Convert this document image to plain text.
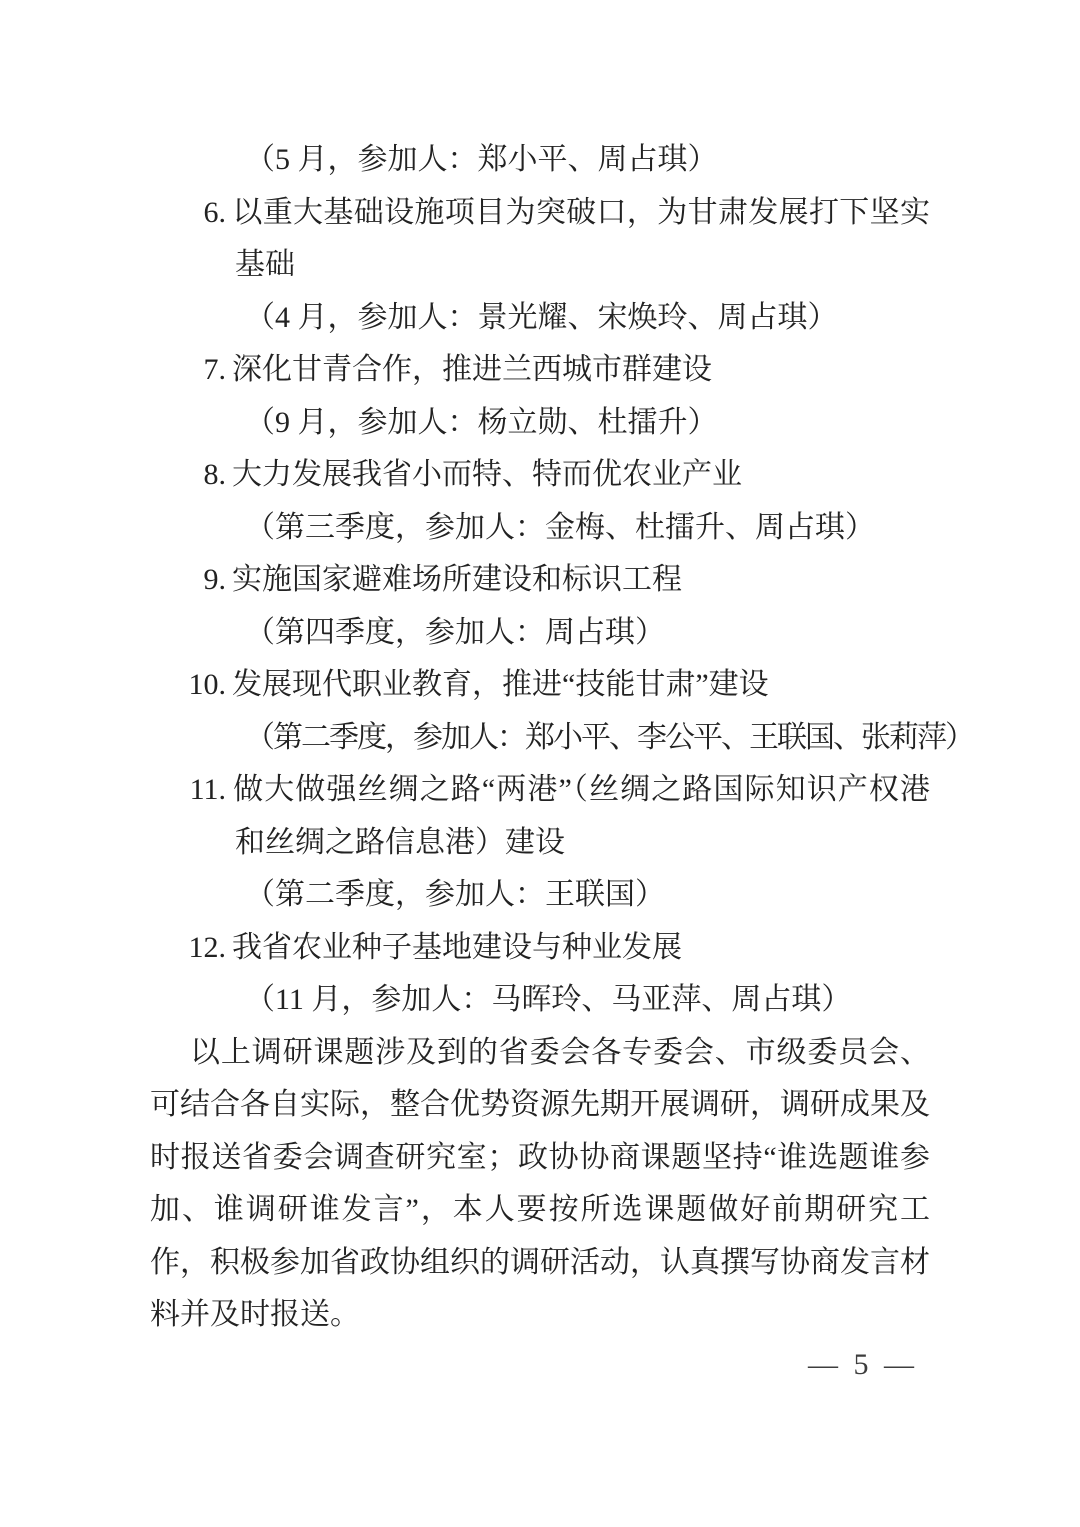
（5 月，参加人：郑小平、周占琪）
6. 以重大基础设施项目为突破口，为甘肃发展打下坚实基础
（4 月，参加人：景光耀、宋焕玲、周占琪）
7. 深化甘青合作，推进兰西城市群建设
（9 月，参加人：杨立勋、杜擂升）
8. 大力发展我省小而特、特而优农业产业
（第三季度，参加人：金梅、杜擂升、周占琪）
9. 实施国家避难场所建设和标识工程
（第四季度，参加人：周占琪）
10. 发展现代职业教育，推进“技能甘肃”建设
（第二季度，参加人：郑小平、李公平、王联国、张莉萍）
11. 做大做强丝绸之路“两港”（丝绸之路国际知识产权港和丝绸之路信息港）建设
（第二季度，参加人：王联国）
12. 我省农业种子基地建设与种业发展
（11 月，参加人：马晖玲、马亚萍、周占琪）

以上调研课题涉及到的省委会各专委会、市级委员会、可结合各自实际，整合优势资源先期开展调研，调研成果及时报送省委会调查研究室；政协协商课题坚持“谁选题谁参加、谁调研谁发言”，本人要按所选课题做好前期研究工作，积极参加省政协组织的调研活动，认真撰写协商发言材料并及时报送。

— 5 —
